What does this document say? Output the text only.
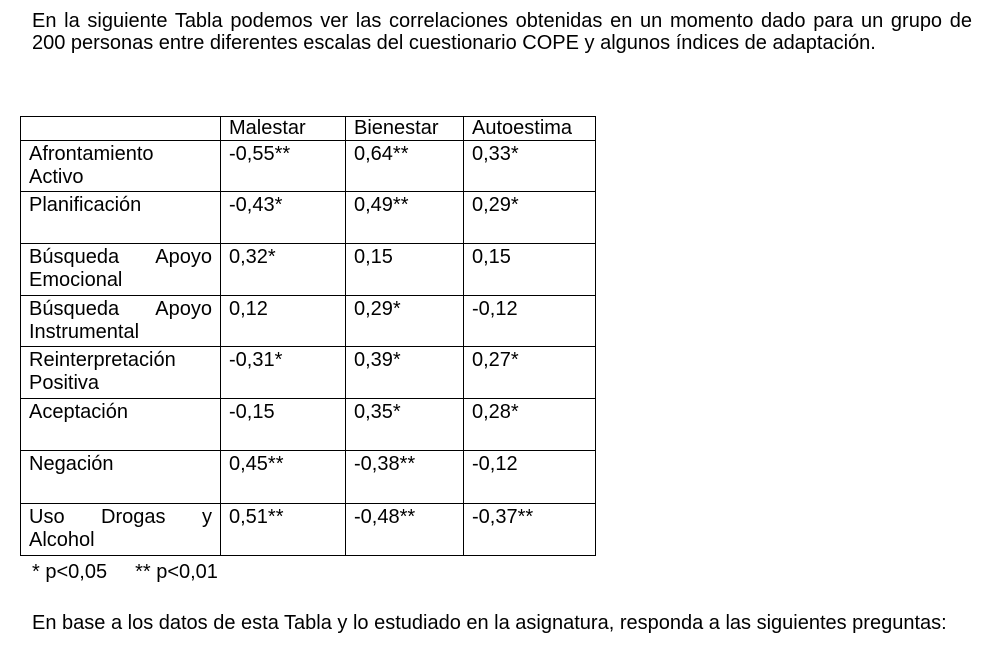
En la siguiente Tabla podemos ver las correlaciones obtenidas en un momento dado para un grupo de 200 personas entre diferentes escalas del cuestionario COPE y algunos índices de adaptación.

	Malestar	Bienestar	Autoestima
Afrontamiento Activo	-0,55**	0,64**	0,33*
Planificación	-0,43*	0,49**	0,29*
Búsqueda Apoyo Emocional	0,32*	0,15	0,15
Búsqueda Apoyo Instrumental	0,12	0,29*	-0,12
Reinterpretación Positiva	-0,31*	0,39*	0,27*
Aceptación	-0,15	0,35*	0,28*
Negación	0,45**	-0,38**	-0,12
Uso Drogas y Alcohol	0,51**	-0,48**	-0,37**
* p<0,05 ** p<0,01

En base a los datos de esta Tabla y lo estudiado en la asignatura, responda a las siguientes preguntas:
